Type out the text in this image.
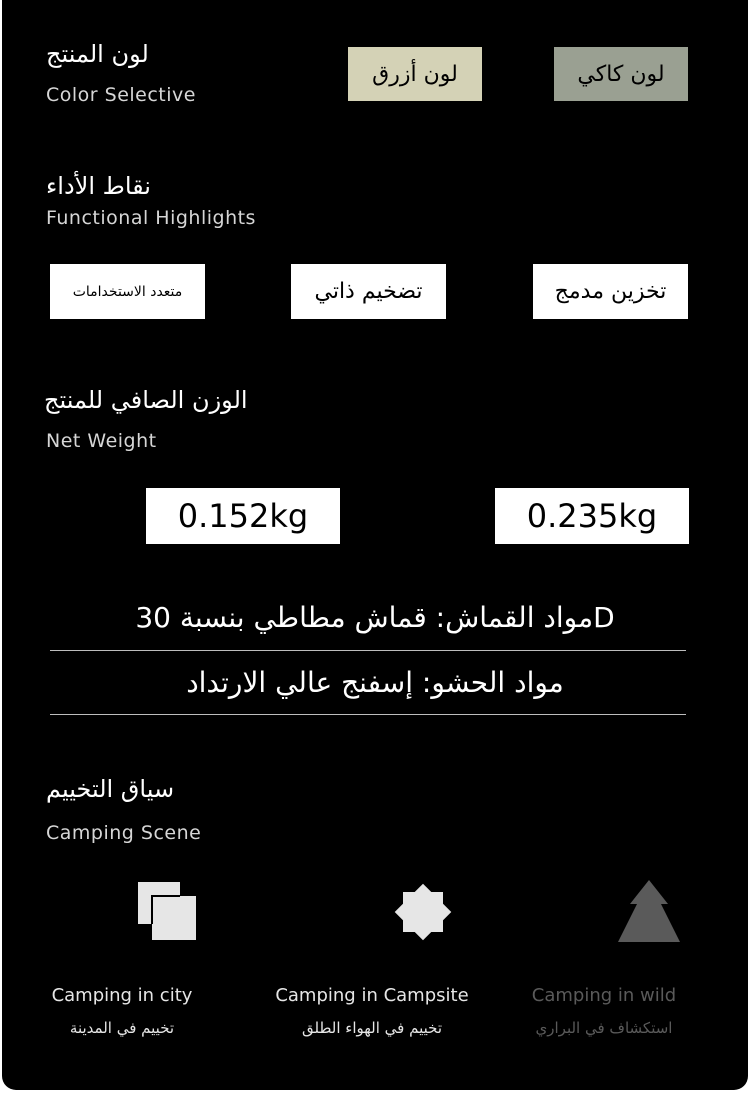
لون المنتج
Color Selective
لون أزرق	لون كاكي
نقاط الأداء
Functional Highlights
متعدد الاستخدامات	تضخيم ذاتي	تخزين مدمج
الوزن الصافي للمنتج
Net Weight
0.152kg	0.235kg
Dمواد القماش: قماش مطاطي بنسبة 30
مواد الحشو: إسفنج عالي الارتداد
سياق التخييم
Camping Scene
Camping in city
تخييم في المدينة
Camping in Campsite
تخييم في الهواء الطلق
Camping in wild
استكشاف في البراري
